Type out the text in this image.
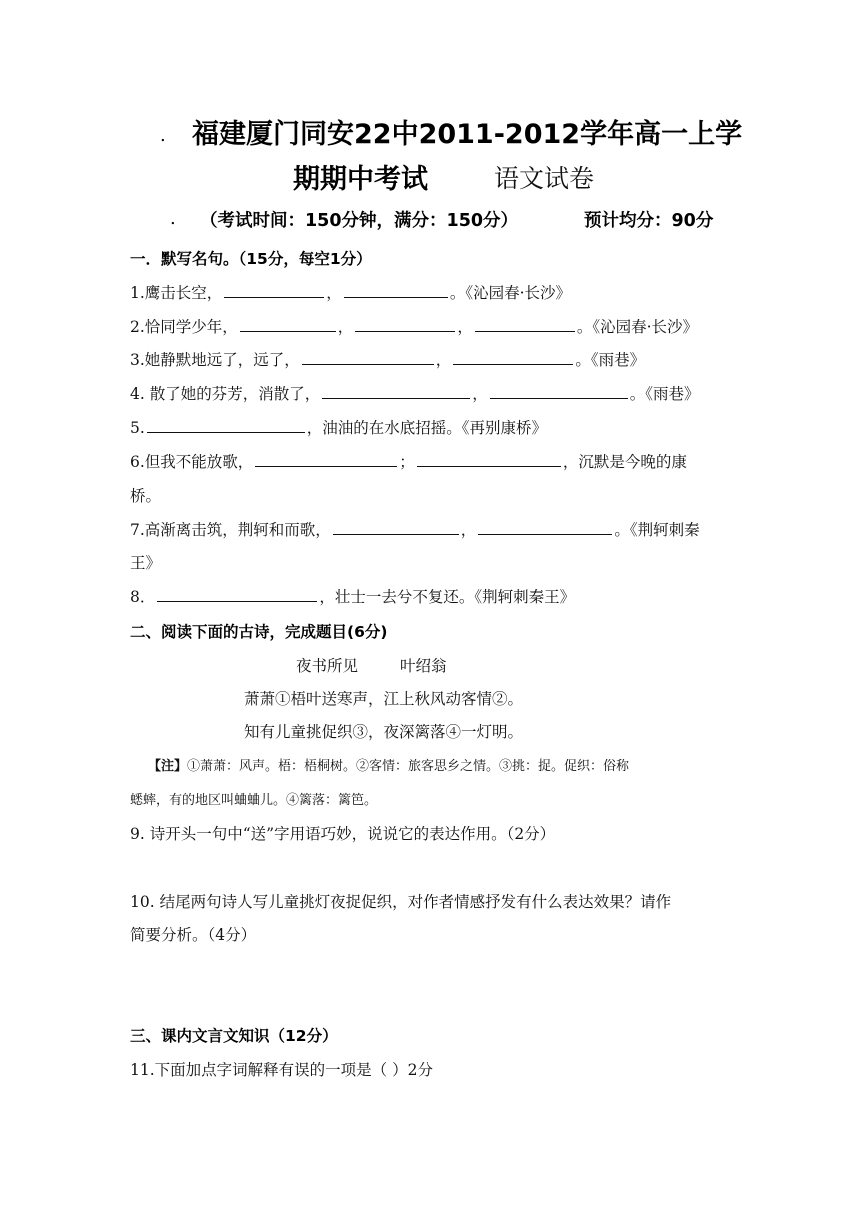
. 福建厦门同安22中2011-2012学年高一上学
期期中考试	语文试卷
. （考试时间：150分钟，满分：150分）	预计均分：90分
一．默写名句。（15分，每空1分）
1.鹰击长空，	，	。《沁园春·长沙》
2.恰同学少年，	，	，	。《沁园春·长沙》
3.她静默地远了，远了，	，	。《雨巷》
4. 散了她的芬芳，消散了，	，	。《雨巷》
5.	，油油的在水底招摇。《再别康桥》
6.但我不能放歌，	；	，沉默是今晚的康
桥。
7.高渐离击筑，荆轲和而歌，	，	。《荆轲刺秦
王》
8．	，壮士一去兮不复还。《荆轲刺秦王》
二、阅读下面的古诗，完成题目(6分)
夜书所见	叶绍翁
萧萧①梧叶送寒声，江上秋风动客情②。
知有儿童挑促织③，夜深篱落④一灯明。
【注】①萧萧：风声。梧：梧桐树。②客情：旅客思乡之情。③挑：捉。促织：俗称
蟋蟀，有的地区叫蛐蛐儿。④篱落：篱笆。
9. 诗开头一句中“送”字用语巧妙，说说它的表达作用。（2分）
10. 结尾两句诗人写儿童挑灯夜捉促织，对作者情感抒发有什么表达效果？请作
简要分析。（4分）
三、课内文言文知识（12分）
11.下面加点字词解释有误的一项是（ ）2分
